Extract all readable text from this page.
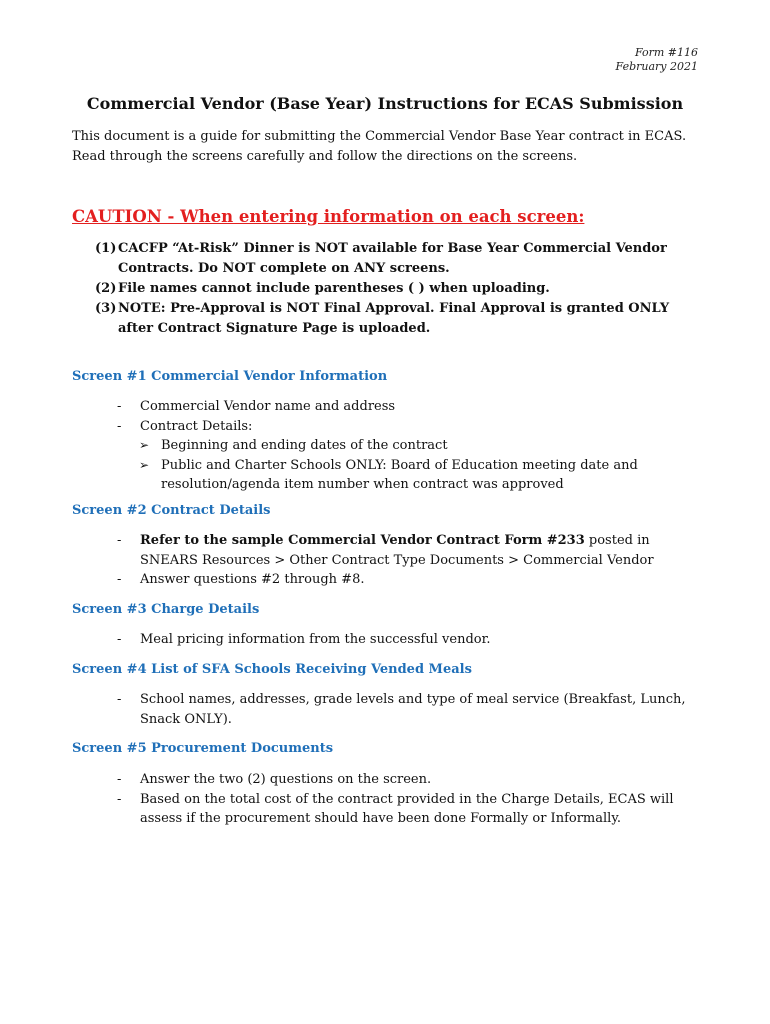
Form #116
February 2021
Commercial Vendor (Base Year) Instructions for ECAS Submission
This document is a guide for submitting the Commercial Vendor Base Year contract in ECAS.
Read through the screens carefully and follow the directions on the screens.
CAUTION - When entering information on each screen:
(1) CACFP “At-Risk” Dinner is NOT available for Base Year Commercial Vendor Contracts. Do NOT complete on ANY screens.
(2) File names cannot include parentheses ( ) when uploading.
(3) NOTE: Pre-Approval is NOT Final Approval. Final Approval is granted ONLY after Contract Signature Page is uploaded.
Screen #1 Commercial Vendor Information
-	Commercial Vendor name and address
-	Contract Details:
➢ Beginning and ending dates of the contract
➢ Public and Charter Schools ONLY: Board of Education meeting date and resolution/agenda item number when contract was approved
Screen #2 Contract Details
-	Refer to the sample Commercial Vendor Contract Form #233 posted in SNEARS Resources > Other Contract Type Documents > Commercial Vendor
-	Answer questions #2 through #8.
Screen #3 Charge Details
-	Meal pricing information from the successful vendor.
Screen #4 List of SFA Schools Receiving Vended Meals
-	School names, addresses, grade levels and type of meal service (Breakfast, Lunch, Snack ONLY).
Screen #5 Procurement Documents
-	Answer the two (2) questions on the screen.
-	Based on the total cost of the contract provided in the Charge Details, ECAS will assess if the procurement should have been done Formally or Informally.
